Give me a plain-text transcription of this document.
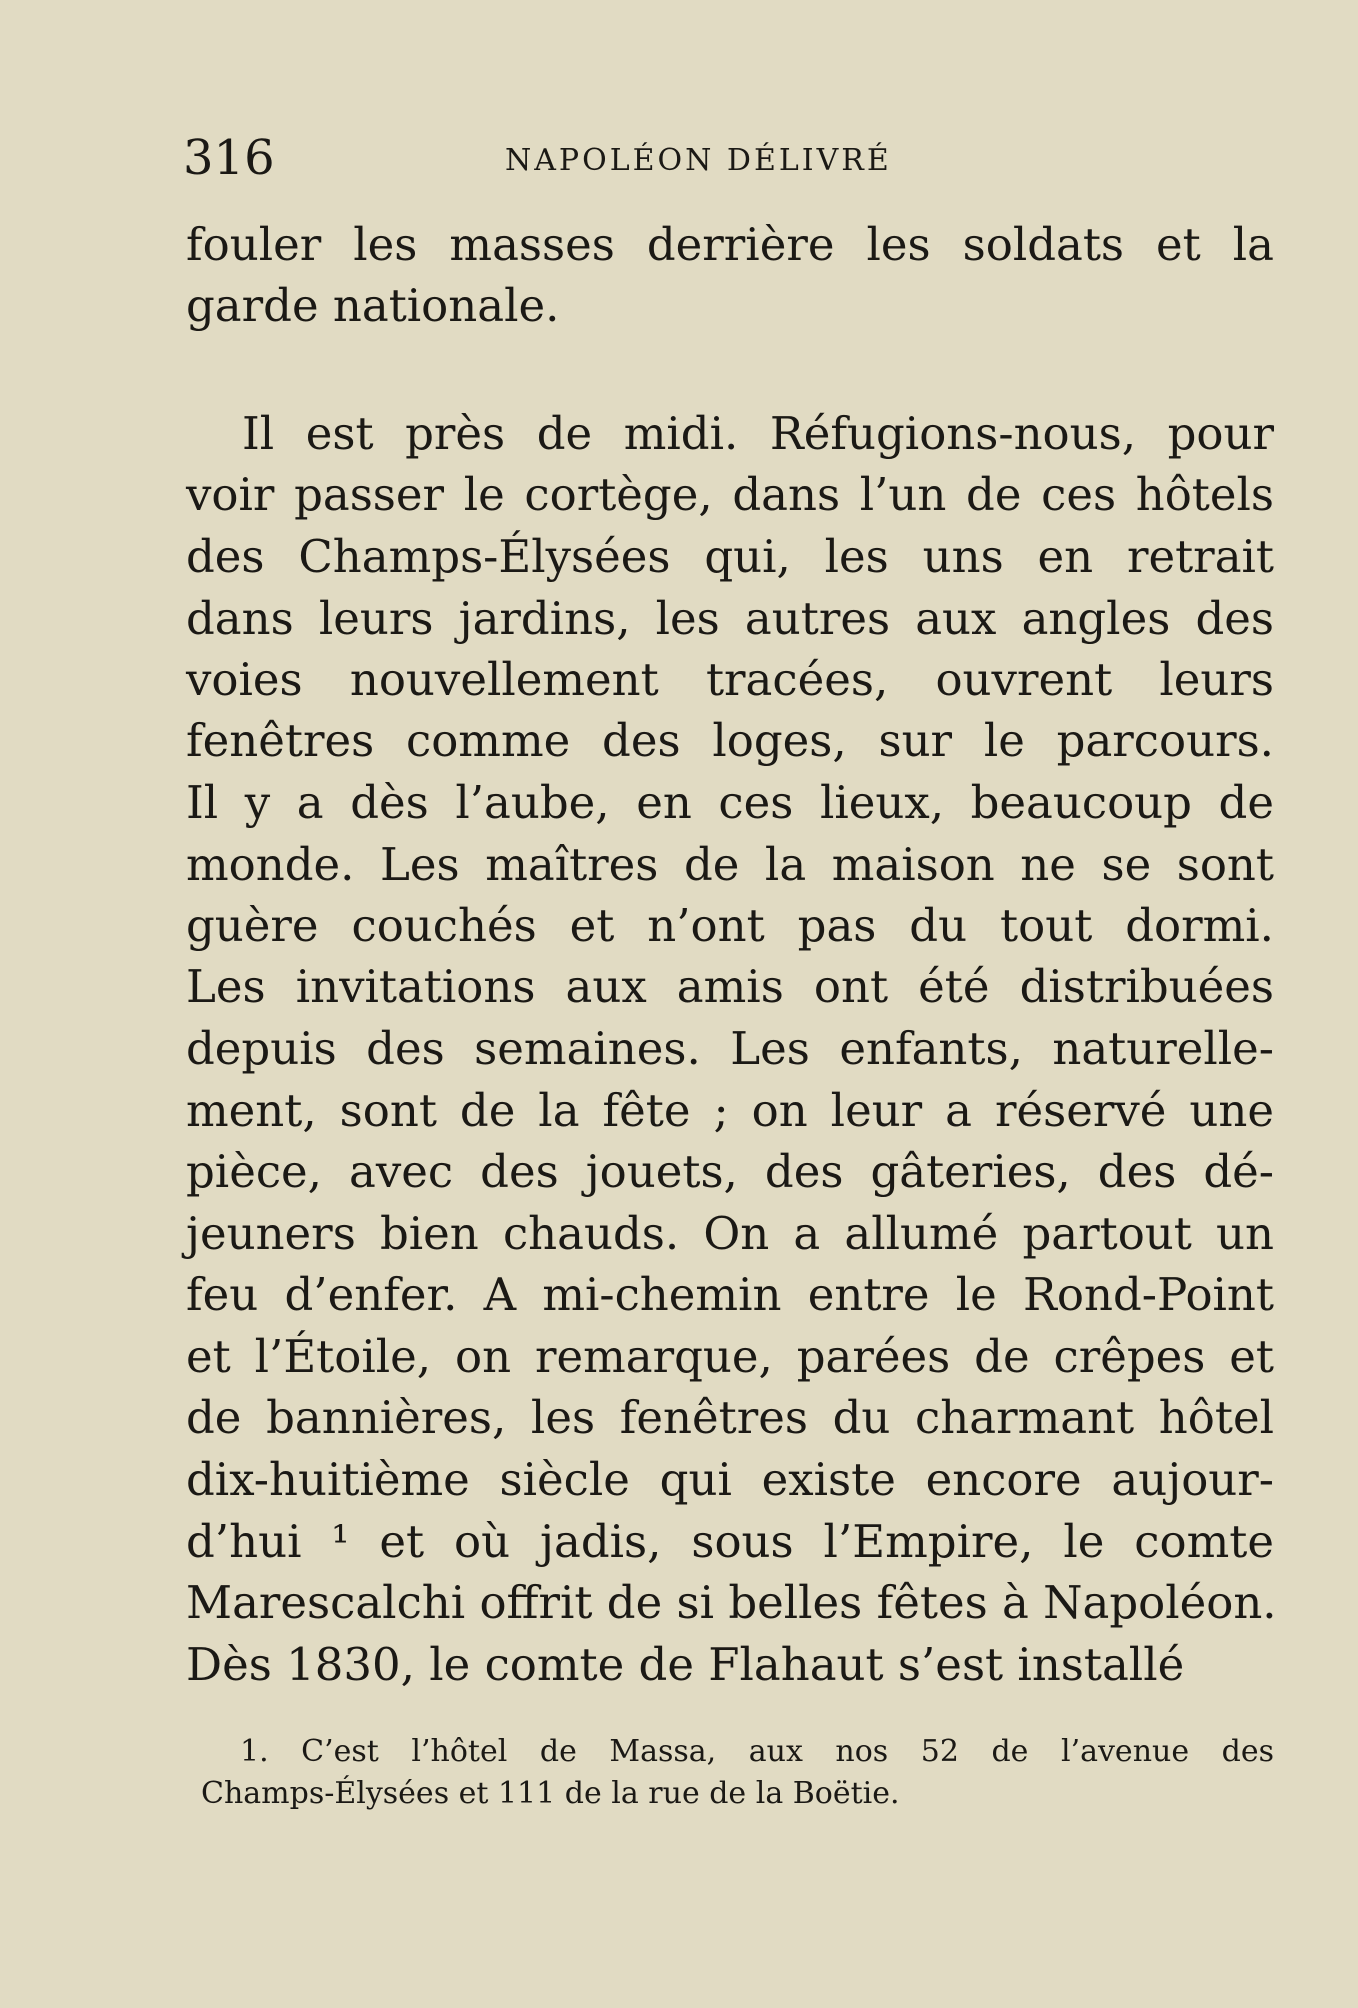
316	NAPOLÉON DÉLIVRÉ
fouler les masses derrière les soldats et la
garde nationale.
Il est près de midi. Réfugions-nous, pour
voir passer le cortège, dans l’un de ces hôtels
des Champs-Élysées qui, les uns en retrait
dans leurs jardins, les autres aux angles des
voies nouvellement tracées, ouvrent leurs
fenêtres comme des loges, sur le parcours.
Il y a dès l’aube, en ces lieux, beaucoup de
monde. Les maîtres de la maison ne se sont
guère couchés et n’ont pas du tout dormi.
Les invitations aux amis ont été distribuées
depuis des semaines. Les enfants, naturelle-
ment, sont de la fête ; on leur a réservé une
pièce, avec des jouets, des gâteries, des dé-
jeuners bien chauds. On a allumé partout un
feu d’enfer. A mi-chemin entre le Rond-Point
et l’Étoile, on remarque, parées de crêpes et
de bannières, les fenêtres du charmant hôtel
dix-huitième siècle qui existe encore aujour-
d’hui ¹ et où jadis, sous l’Empire, le comte
Marescalchi offrit de si belles fêtes à Napoléon.
Dès 1830, le comte de Flahaut s’est installé
1. C’est l’hôtel de Massa, aux nos 52 de l’avenue des
Champs-Élysées et 111 de la rue de la Boëtie.
